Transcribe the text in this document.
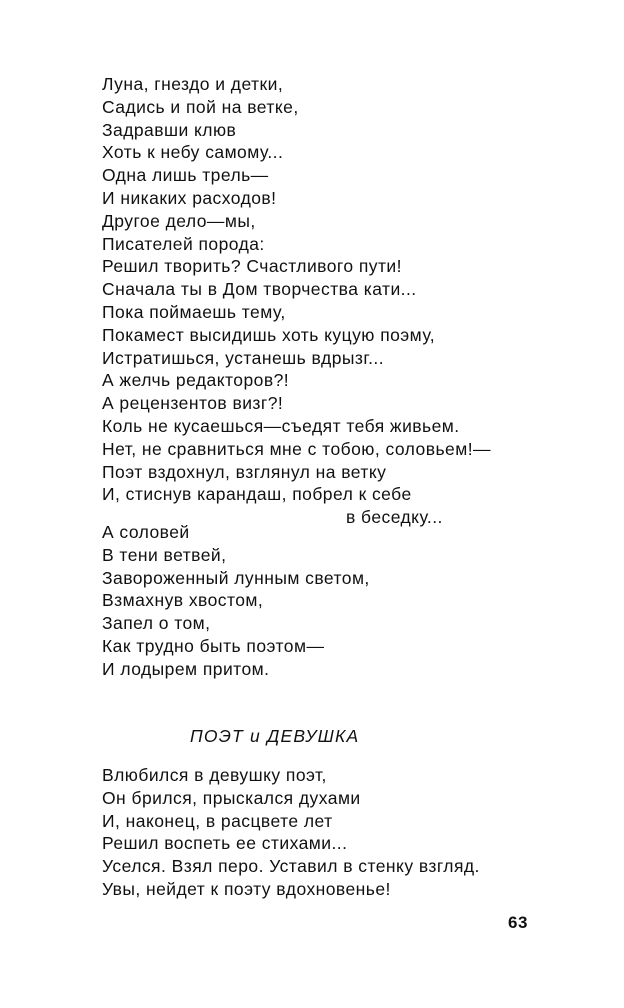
Луна, гнездо и детки,
Садись и пой на ветке,
Задравши клюв
Хоть к небу самому...
Одна лишь трель—
И никаких расходов!
Другое дело—мы,
Писателей порода:
Решил творить? Счастливого пути!
Сначала ты в Дом творчества кати...
Пока поймаешь тему,
Покамест высидишь хоть куцую поэму,
Истратишься, устанешь вдрызг...
А желчь редакторов?!
А рецензентов визг?!
Коль не кусаешься—съедят тебя живьем.
Нет, не сравниться мне с тобою, соловьем!—
Поэт вздохнул, взглянул на ветку
И, стиснув карандаш, побрел к себе
в беседку...
А соловей
В тени ветвей,
Завороженный лунным светом,
Взмахнув хвостом,
Запел о том,
Как трудно быть поэтом—
И лодырем притом.
ПОЭТ и ДЕВУШКА
Влюбился в девушку поэт,
Он брился, прыскался духами
И, наконец, в расцвете лет
Решил воспеть ее стихами...
Уселся. Взял перо. Уставил в стенку взгляд.
Увы, нейдет к поэту вдохновенье!
63
